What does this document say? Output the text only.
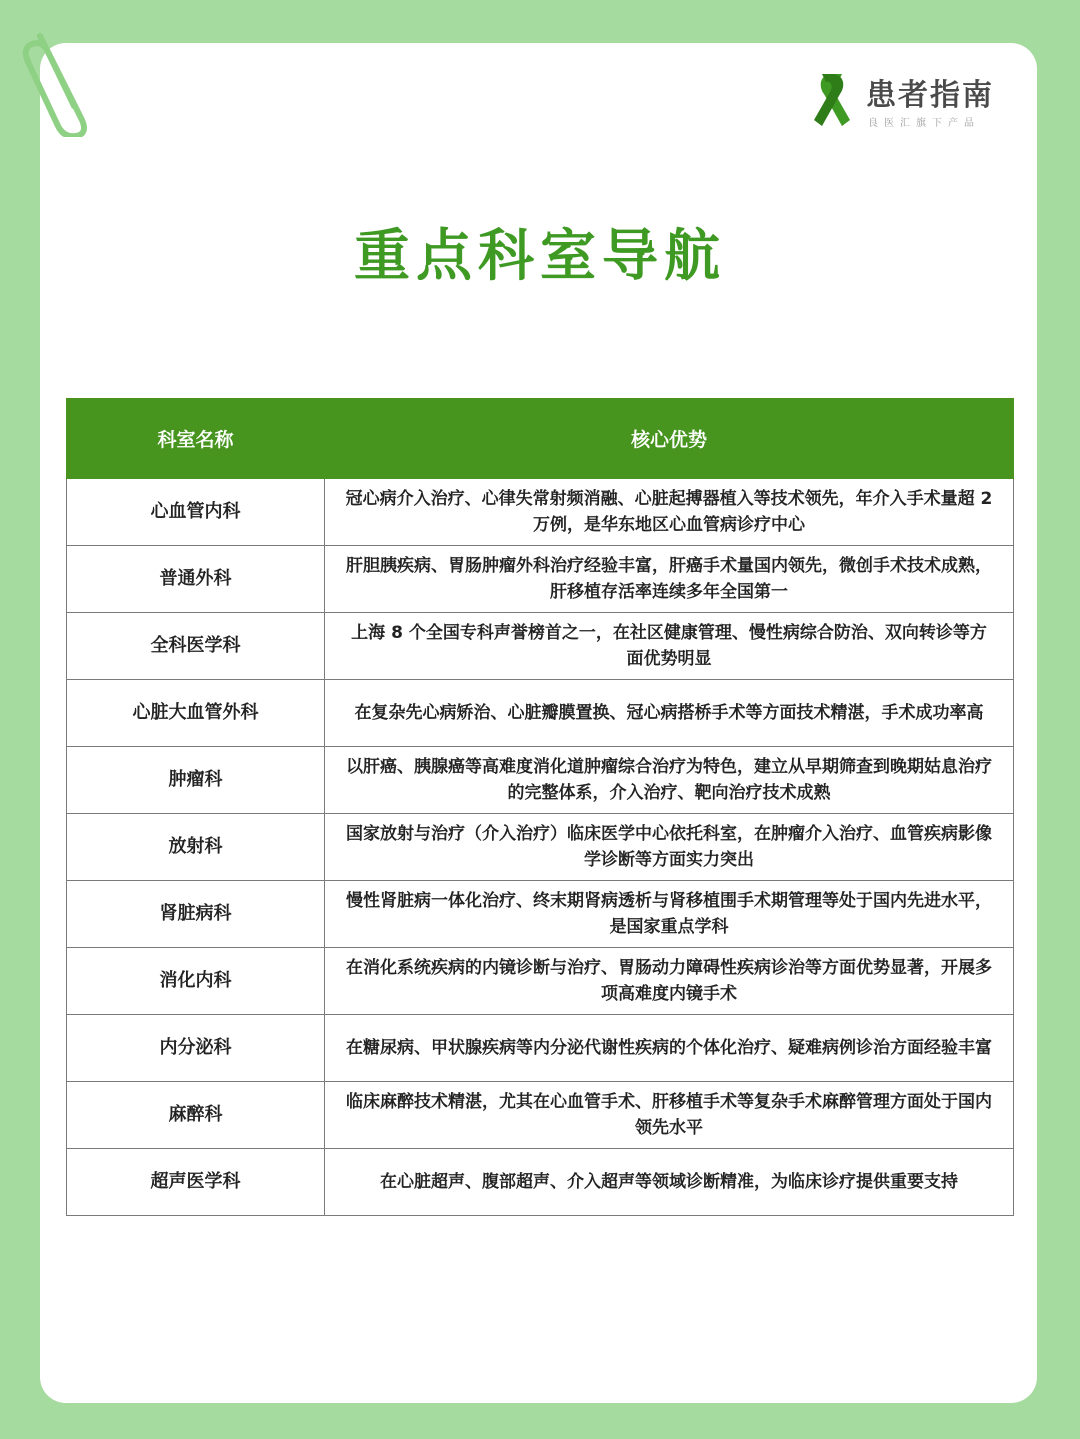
患者指南
良医汇旗下产品
重点科室导航
科室名称	核心优势
心血管内科	冠心病介入治疗、心律失常射频消融、心脏起搏器植入等技术领先，年介入手术量超 2 万例，是华东地区心血管病诊疗中心
普通外科	肝胆胰疾病、胃肠肿瘤外科治疗经验丰富，肝癌手术量国内领先，微创手术技术成熟，肝移植存活率连续多年全国第一
全科医学科	上海 8 个全国专科声誉榜首之一，在社区健康管理、慢性病综合防治、双向转诊等方面优势明显
心脏大血管外科	在复杂先心病矫治、心脏瓣膜置换、冠心病搭桥手术等方面技术精湛，手术成功率高
肿瘤科	以肝癌、胰腺癌等高难度消化道肿瘤综合治疗为特色，建立从早期筛查到晚期姑息治疗的完整体系，介入治疗、靶向治疗技术成熟
放射科	国家放射与治疗（介入治疗）临床医学中心依托科室，在肿瘤介入治疗、血管疾病影像学诊断等方面实力突出
肾脏病科	慢性肾脏病一体化治疗、终末期肾病透析与肾移植围手术期管理等处于国内先进水平，是国家重点学科
消化内科	在消化系统疾病的内镜诊断与治疗、胃肠动力障碍性疾病诊治等方面优势显著，开展多项高难度内镜手术
内分泌科	在糖尿病、甲状腺疾病等内分泌代谢性疾病的个体化治疗、疑难病例诊治方面经验丰富
麻醉科	临床麻醉技术精湛，尤其在心血管手术、肝移植手术等复杂手术麻醉管理方面处于国内领先水平
超声医学科	在心脏超声、腹部超声、介入超声等领域诊断精准，为临床诊疗提供重要支持
